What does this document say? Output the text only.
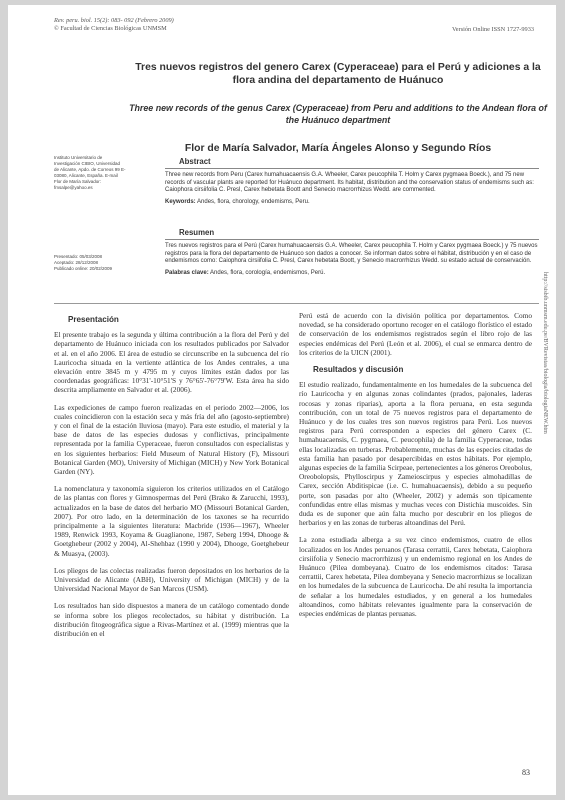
Rev. peru. biol. 15(2): 083- 092 (Febrero 2009)
© Facultad de Ciencias Biológicas UNMSM	Versión Online ISSN 1727-9933
Tres nuevos registros del genero Carex (Cyperaceae) para el Perú y adiciones a la flora andina del departamento de Huánuco
Three new records of the genus Carex (Cyperaceae) from Peru and additions to the Andean flora of the Huánuco department
Flor de María Salvador, María Ángeles Alonso y Segundo Ríos
Instituto Universitario de Investigación CIBIO, Universidad de Alicante, Apdo. de Correos 99 E-03080, Alicante, España. E-mail Flor de María Salvador: fmsalpe@yahoo.es
Presentado: 05/03/2008
Aceptado: 28/12/2008
Publicado online: 20/02/2009
Abstract
Three new records from Peru (Carex humahuacaensis G.A. Wheeler, Carex peucophila T. Holm y Carex pygmaea Boeck.), and 75 new records of vascular plants are reported for Huánuco department. Its habitat, distribution and the conservation status of endemisms such as: Caiophora cirsiifolia C. Presl, Carex hebetata Boott and Senecio macrorrhizus Wedd. are commented.
Keywords: Andes, flora, chorology, endemisms, Peru.
Resumen
Tres nuevos registros para el Perú (Carex humahuacaensis G.A. Wheeler, Carex peucophila T. Holm y Carex pygmaea Boeck.) y 75 nuevos registros para la flora del departamento de Huánuco son dados a conocer. Se informan datos sobre el hábitat, distribución y en el caso de endemismos como: Caiophora cirsiifolia C. Presl, Carex hebetata Boott, y Senecio macrorrhizus Wedd. su estado actual de conservación.
Palabras clave: Andes, flora, corología, endemismos, Perú.
Presentación

El presente trabajo es la segunda y última contribución a la flora del Perú y del departamento de Huánuco iniciada con los resultados publicados por Salvador et al. en el año 2006. El área de estudio se circunscribe en la subcuenca del río Lauricocha situada en la vertiente atlántica de los Andes centrales, a una elevación entre 3845 m y 4795 m y cuyos límites están dados por las coordenadas geográficas: 10°31'-10°51'S y 76°65'-76°79'W. Esta área ha sido descrita ampliamente en Salvador et al. (2006).

Las expediciones de campo fueron realizadas en el periodo 2002—2006, los cuales coincidieron con la estación seca y más fría del año (agosto-septiembre) y con el final de la estación lluviosa (mayo). Para este estudio, el material y la base de datos de las especies dudosas y conflictivas, principalmente representada por la familia Cyperaceae, fueron consultados con especialistas y en los siguientes herbarios: Field Museum of Natural History (F), Missouri Botanical Garden (MO), University of Michigan (MICH) y New York Botanical Garden (NY).

La nomenclatura y taxonomía siguieron los criterios utilizados en el Catálogo de las plantas con flores y Gimnospermas del Perú (Brako & Zarucchi, 1993), actualizados en la base de datos del herbario MO (Missouri Botanical Garden, 2007). Por otro lado, en la determinación de los taxones se ha recurrido principalmente a la siguientes literatura: Macbride (1936—1967), Wheeler 1989, Renwick 1993, Koyama & Guaglianone, 1987, Seberg 1994, Dhooge & Goetghebeur (2002 y 2004), Al-Shehbaz (1990 y 2004), Dhooge, Goetghebeur & Muasya, (2003).

Los pliegos de las colectas realizadas fueron depositados en los herbarios de la Universidad de Alicante (ABH), University of Michigan (MICH) y de la Universidad Nacional Mayor de San Marcos (USM).

Los resultados han sido dispuestos a manera de un catálogo comentado donde se informa sobre los pliegos recolectados, su hábitat y distribución. La distribución fitogeográfica sigue a Rivas-Martínez et al. (1999) mientras que la distribución en el

Perú está de acuerdo con la división política por departamentos. Como novedad, se ha considerado oportuno recoger en el catálogo florístico el estado de conservación de los endemismos registrados según el libro rojo de las especies endémicas del Perú (León et al. 2006), el cual se enmarca dentro de los criterios de la UICN (2001).

Resultados y discusión

El estudio realizado, fundamentalmente en los humedales de la subcuenca del río Lauricocha y en algunas zonas colindantes (prados, pajonales, laderas rocosas y zonas riparias), aporta a la flora peruana, en esta segunda contribución, con un total de 75 nuevos registros para el departamento de Huánuco y de los cuales tres son nuevos registros para Perú. Los nuevos registros para Perú corresponden a especies del género Carex (C. humahuacaensis, C. pygmaea, C. peucophila) de la familia Cyperaceae, todas ellas localizadas en turberas. Probablemente, muchas de las especies citadas de esta familia han pasado por desapercibidas en estos hábitats. Por ejemplo, algunas especies de la familia Scirpeae, pertenecientes a los géneros Oreobolus, Oreobolopsis, Phylloscirpus y Zameioscirpus y especies almohadillas de Carex, sección Abditispicae (i.e. C. humahuacaensis), debido a su pequeño porte, son pasadas por alto (Wheeler, 2002) y además son típicamente confundidas entre ellas mismas y muchas veces con Distichia muscoides. Sin duda es de suponer que aún falta mucho por descubrir en los pliegos de herbarios y en las zonas de turberas altoandinas del Perú.

La zona estudiada alberga a su vez cinco endemismos, cuatro de ellos localizados en los Andes peruanos (Tarasa cerrattii, Carex hebetata, Caiophora cirsiifolia y Senecio macrorrhizus) y un endemismo regional en los Andes de Huánuco (Pilea dombeyana). Cuatro de los endemismos citados: Tarasa cerrattii, Carex hebetata, Pilea dombeyana y Senecio macrorrhizus se localizan en los humedales de la subcuenca de Lauricocha. De ahí resulta la importancia de señalar a los humedales estudiados, y en general a los humedales altoandinos, como hábitats relevantes igualmente para la conservación de especies endémicas de plantas peruanas.

http://sisbib.unmsm.edu.pe/BVRevistas/biologia/biologiaNEW.htm
83
